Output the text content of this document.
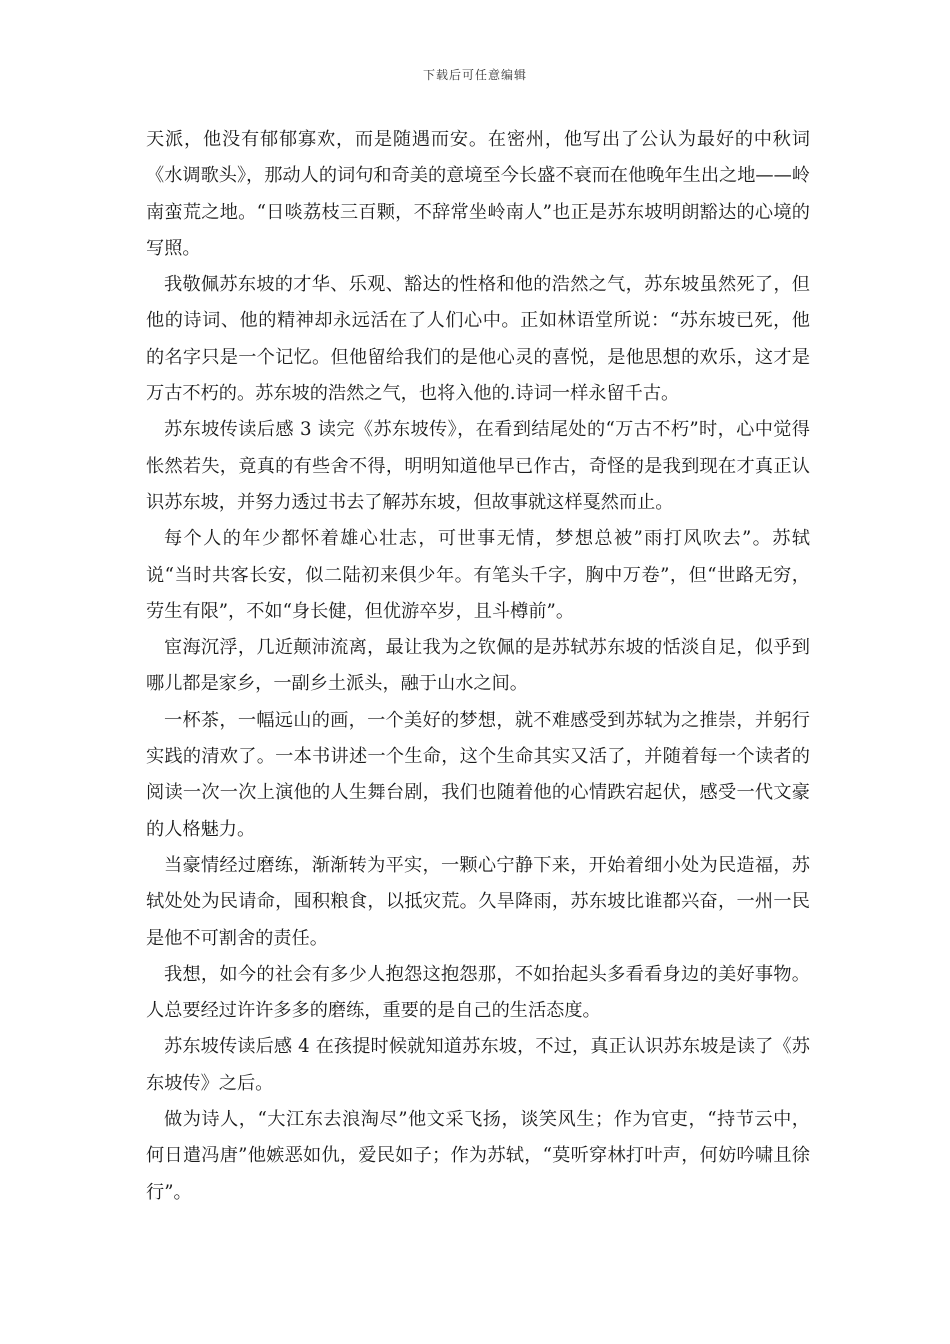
下载后可任意编辑

天派，他没有郁郁寡欢，而是随遇而安。在密州，他写出了公认为最好的中秋词《水调歌头》，那动人的词句和奇美的意境至今长盛不衰而在他晚年生出之地——岭南蛮荒之地。“日啖荔枝三百颗，不辞常坐岭南人”也正是苏东坡明朗豁达的心境的写照。

我敬佩苏东坡的才华、乐观、豁达的性格和他的浩然之气，苏东坡虽然死了，但他的诗词、他的精神却永远活在了人们心中。正如林语堂所说：“苏东坡已死，他的名字只是一个记忆。但他留给我们的是他心灵的喜悦，是他思想的欢乐，这才是万古不朽的。苏东坡的浩然之气，也将入他的.诗词一样永留千古。

苏东坡传读后感 3 读完《苏东坡传》，在看到结尾处的“万古不朽”时，心中觉得怅然若失，竟真的有些舍不得，明明知道他早已作古，奇怪的是我到现在才真正认识苏东坡，并努力透过书去了解苏东坡，但故事就这样戛然而止。

每个人的年少都怀着雄心壮志，可世事无情，梦想总被”雨打风吹去”。苏轼说“当时共客长安，似二陆初来俱少年。有笔头千字，胸中万卷”，但“世路无穷，劳生有限”，不如“身长健，但优游卒岁，且斗樽前”。

宦海沉浮，几近颠沛流离，最让我为之钦佩的是苏轼苏东坡的恬淡自足，似乎到哪儿都是家乡，一副乡土派头，融于山水之间。

一杯茶，一幅远山的画，一个美好的梦想，就不难感受到苏轼为之推崇，并躬行实践的清欢了。一本书讲述一个生命，这个生命其实又活了，并随着每一个读者的阅读一次一次上演他的人生舞台剧，我们也随着他的心情跌宕起伏，感受一代文豪的人格魅力。

当豪情经过磨练，渐渐转为平实，一颗心宁静下来，开始着细小处为民造福，苏轼处处为民请命，囤积粮食，以抵灾荒。久旱降雨，苏东坡比谁都兴奋，一州一民是他不可割舍的责任。

我想，如今的社会有多少人抱怨这抱怨那，不如抬起头多看看身边的美好事物。人总要经过许许多多的磨练，重要的是自己的生活态度。

苏东坡传读后感 4 在孩提时候就知道苏东坡，不过，真正认识苏东坡是读了《苏东坡传》之后。

做为诗人，“大江东去浪淘尽”他文采飞扬，谈笑风生；作为官吏，“持节云中，何日遣冯唐”他嫉恶如仇，爱民如子；作为苏轼，“莫听穿林打叶声，何妨吟啸且徐行”。
